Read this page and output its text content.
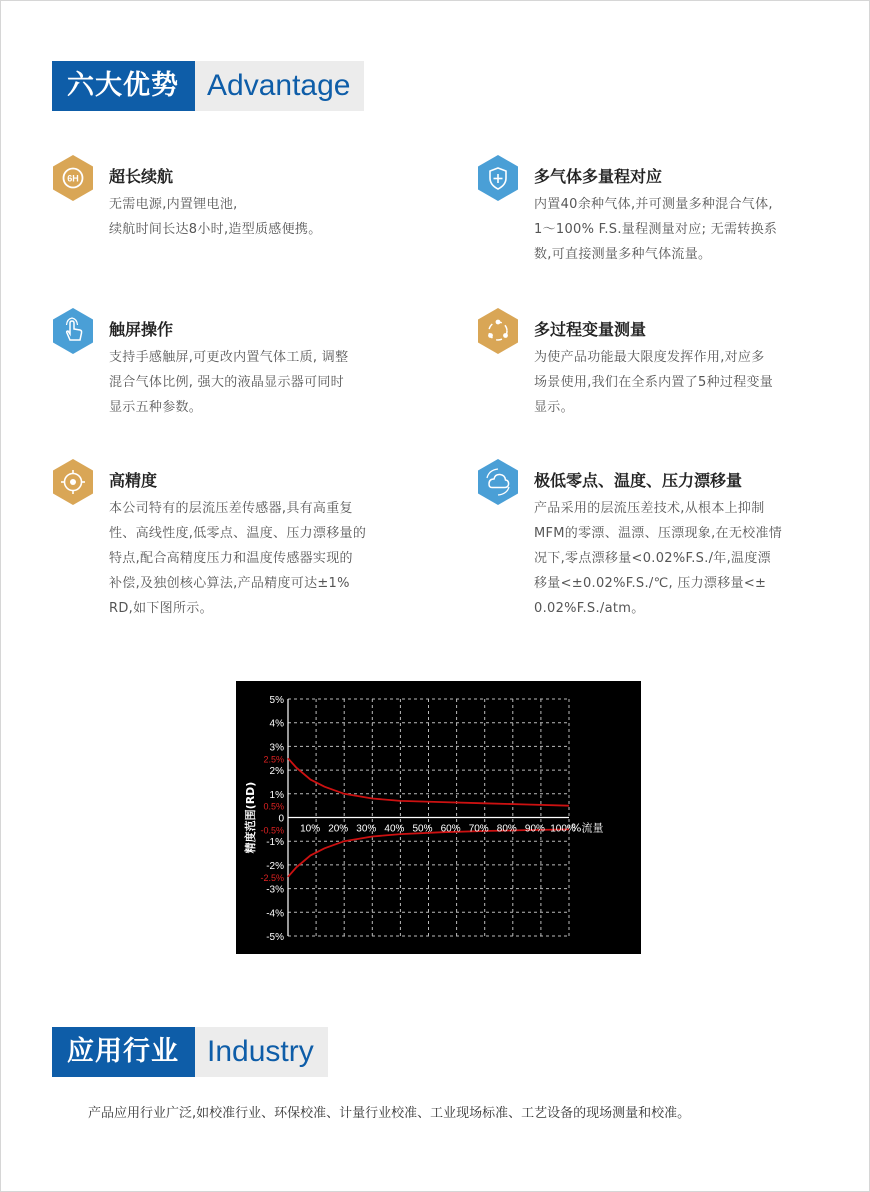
六大优势 Advantage
6H 超长续航
无需电源,内置锂电池,
续航时间长达8小时,造型质感便携。
多气体多量程对应
内置40余种气体,并可测量多种混合气体,
1～100% F.S.量程测量对应; 无需转换系
数,可直接测量多种气体流量。
触屏操作
支持手感触屏,可更改内置气体工质, 调整
混合气体比例, 强大的液晶显示器可同时
显示五种参数。
多过程变量测量
为使产品功能最大限度发挥作用,对应多
场景使用,我们在全系内置了5种过程变量
显示。
高精度
本公司特有的层流压差传感器,具有高重复
性、高线性度,低零点、温度、压力漂移量的
特点,配合高精度压力和温度传感器实现的
补偿,及独创核心算法,产品精度可达±1%
RD,如下图所示。
极低零点、温度、压力漂移量
产品采用的层流压差技术,从根本上抑制
MFM的零漂、温漂、压漂现象,在无校准情
况下,零点漂移量<0.02%F.S./年,温度漂
移量<±0.02%F.S./℃, 压力漂移量<±
0.02%F.S./atm。
5%
4%
3%
2%
1%
0
-1%
-2%
-3%
-4%
-5%
2.5%
0.5%
-0.5%
-2.5%
10% 20% 30% 40% 50% 60% 70% 80% 90% 100%
%流量
精度范围(RD)
应用行业 Industry
产品应用行业广泛,如校准行业、环保校准、计量行业校准、工业现场标准、工艺设备的现场测量和校准。
